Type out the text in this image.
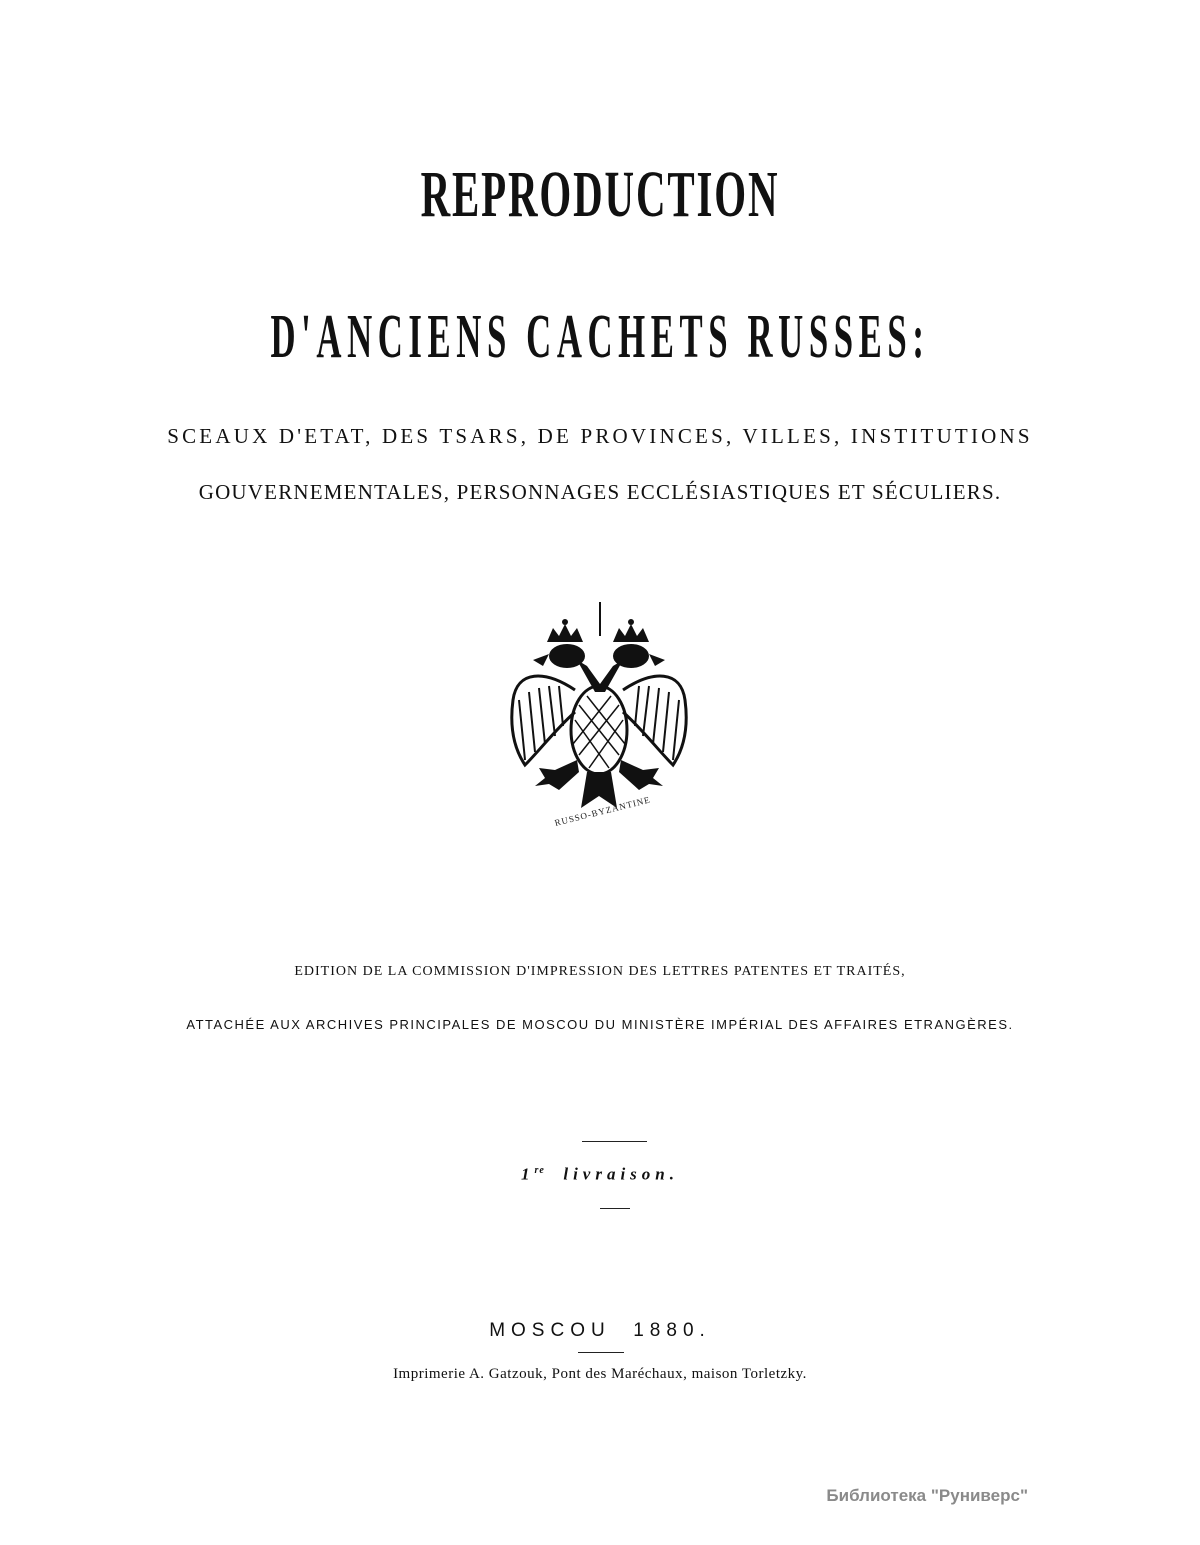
REPRODUCTION
D'ANCIENS CACHETS RUSSES:
SCEAUX D'ETAT, DES TSARS, DE PROVINCES, VILLES, INSTITUTIONS
GOUVERNEMENTALES, PERSONNAGES ECCLÉSIASTIQUES ET SÉCULIERS.
RUSSO-BYZANTINE
EDITION DE LA COMMISSION D'IMPRESSION DES LETTRES PATENTES ET TRAITÉS,
ATTACHÉE AUX ARCHIVES PRINCIPALES DE MOSCOU DU MINISTÈRE IMPÉRIAL DES AFFAIRES ETRANGÈRES.
1re livraison.
MOSCOU  1880.
Imprimerie A. Gatzouk, Pont des Maréchaux, maison Torletzky.
Библиотека "Руниверс"
